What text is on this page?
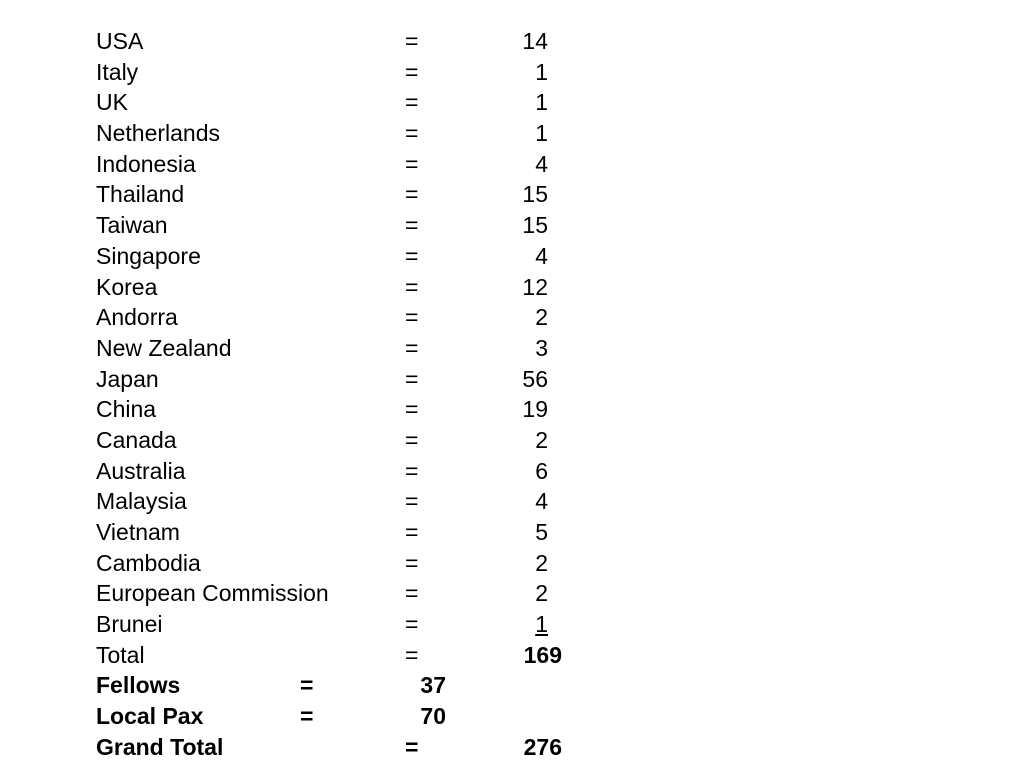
USA	=	14
Italy	=	1
UK	=	1
Netherlands	=	1
Indonesia	=	4
Thailand	=	15
Taiwan	=	15
Singapore	=	4
Korea	=	12
Andorra	=	2
New Zealand	=	3
Japan	=	56
China	=	19
Canada	=	2
Australia	=	6
Malaysia	=	4
Vietnam	=	5
Cambodia	=	2
European Commission	=	2
Brunei	=	1
Total	=	169
Fellows	=	37
Local Pax	=	70
Grand Total	=	276
